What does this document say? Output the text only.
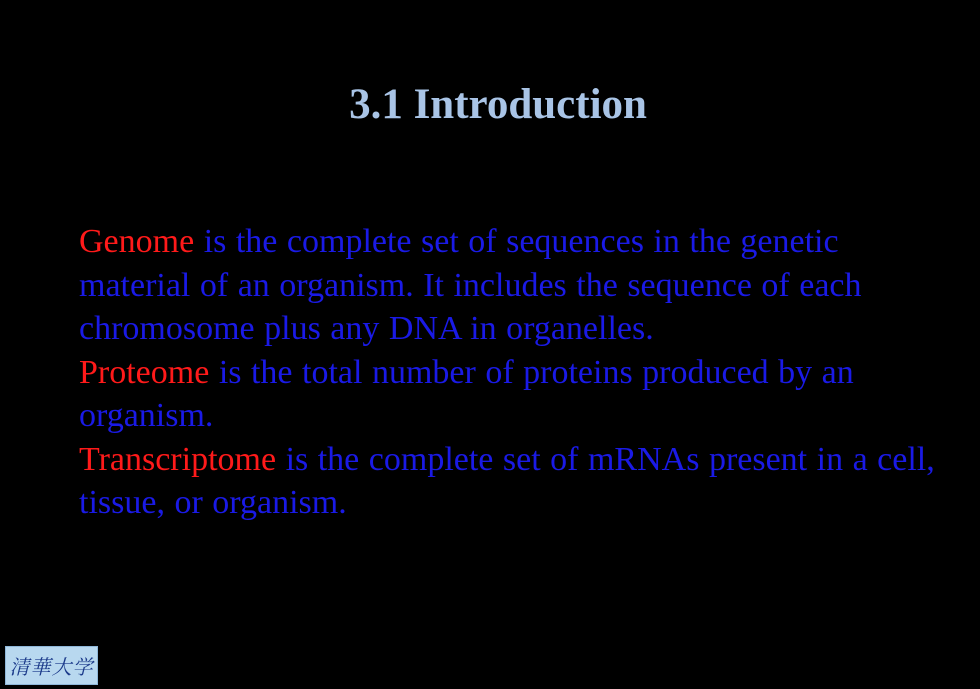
3.1 Introduction

Genome is the complete set of sequences in the genetic material of an organism. It includes the sequence of each chromosome plus any DNA in organelles.

Proteome is the total number of proteins produced by an organism.

Transcriptome is the complete set of mRNAs present in a cell, tissue, or organism.

清華大学
